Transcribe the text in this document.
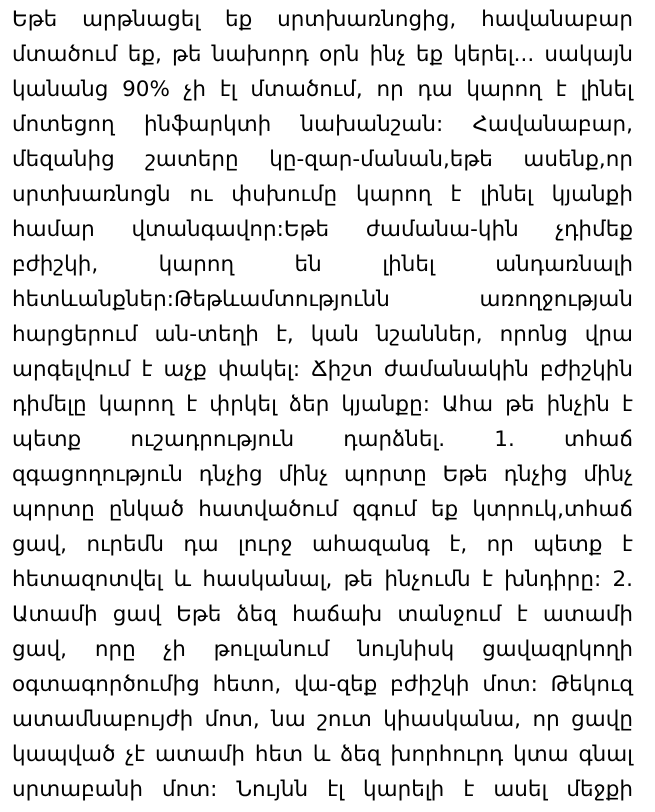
Եթե արթնացել եք սրտխառնոցից, հավանաբար մտածում եք, թե նախորդ օրն ինչ եք կերել... սակայն կանանց 90% չի էլ մտածում, որ դա կարող է լինել մոտեցող ինֆարկտի նախանշան: Հավանաբար, մեզանից շատերը կը-զար-մանան,եթե ասենք,որ սրտխառնոցն ու փսխումը կարող է լինել կյանքի համար վտանգավոր:Եթե ժամանա-կին չդիմեք բժիշկի, կարող են լինել անդառնալի հետևանքներ:Թեթևամտությունն առողջության հարցերում ան-տեղի է, կան նշաններ, որոնց վրա արգելվում է աչք փակել: Ճիշտ ժամանակին բժիշկին դիմելը կարող է փրկել ձեր կյանքը: Ահա թե ինչին է պետք ուշադրություն դարձնել. 1. տհաճ զգացողություն դնչից մինչ պորտը Եթե դնչից մինչ պորտը ընկած հատվածում զգում եք կտրուկ,տհաճ ցավ, ուրեմն դա լուրջ ահազանգ է, որ պետք է հետազոտվել և հասկանալ, թե ինչումն է խնդիրը: 2. Ատամի ցավ Եթե ձեզ հաճախ տանջում է ատամի ցավ, որը չի թուլանում նույնիսկ ցավազրկողի օգտագործումից հետո, վա-զեք բժիշկի մոտ: Թեկուզ ատամնաբույժի մոտ, նա շուտ կիասկանա, որ ցավը կապված չէ ատամի հետ և ձեզ խորհուրդ կտա գնալ սրտաբանի մոտ: Նույնն էլ կարելի է ասել մեջքի
